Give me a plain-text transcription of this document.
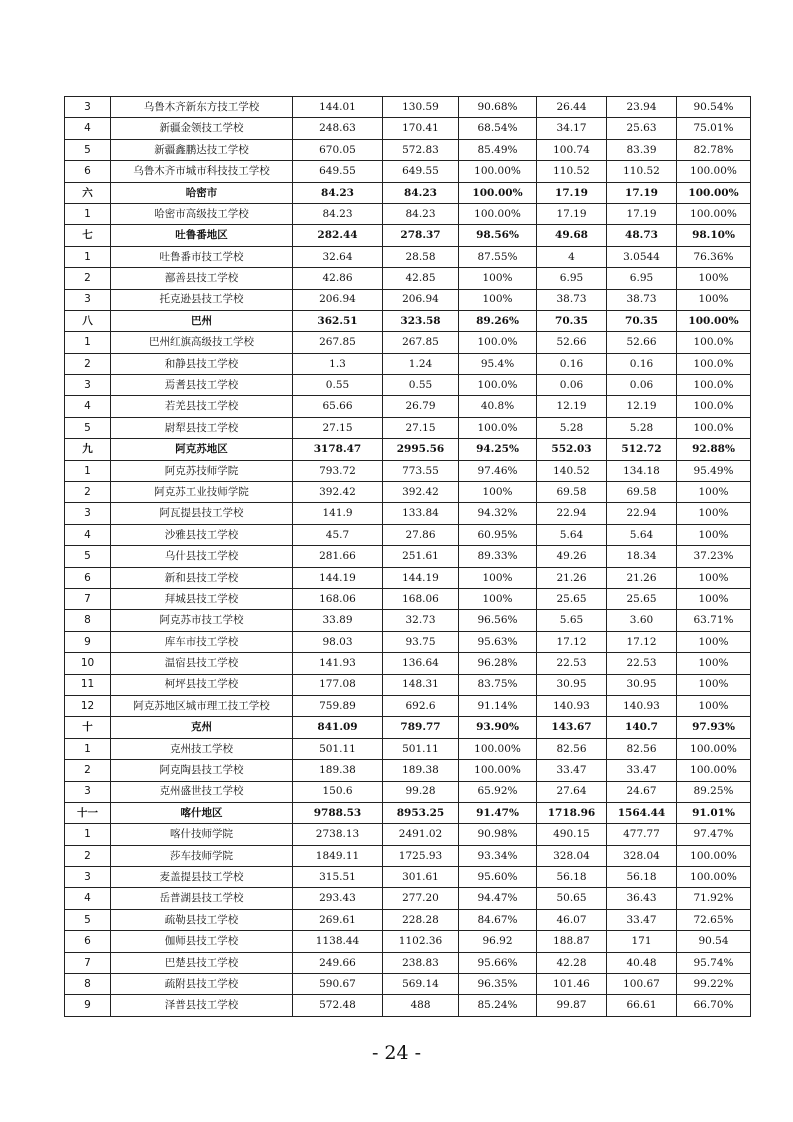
3	乌鲁木齐新东方技工学校	144.01	130.59	90.68%	26.44	23.94	90.54%
4	新疆金领技工学校	248.63	170.41	68.54%	34.17	25.63	75.01%
5	新疆鑫鹏达技工学校	670.05	572.83	85.49%	100.74	83.39	82.78%
6	乌鲁木齐市城市科技技工学校	649.55	649.55	100.00%	110.52	110.52	100.00%
六	哈密市	84.23	84.23	100.00%	17.19	17.19	100.00%
1	哈密市高级技工学校	84.23	84.23	100.00%	17.19	17.19	100.00%
七	吐鲁番地区	282.44	278.37	98.56%	49.68	48.73	98.10%
1	吐鲁番市技工学校	32.64	28.58	87.55%	4	3.0544	76.36%
2	鄯善县技工学校	42.86	42.85	100%	6.95	6.95	100%
3	托克逊县技工学校	206.94	206.94	100%	38.73	38.73	100%
八	巴州	362.51	323.58	89.26%	70.35	70.35	100.00%
1	巴州红旗高级技工学校	267.85	267.85	100.0%	52.66	52.66	100.0%
2	和静县技工学校	1.3	1.24	95.4%	0.16	0.16	100.0%
3	焉耆县技工学校	0.55	0.55	100.0%	0.06	0.06	100.0%
4	若羌县技工学校	65.66	26.79	40.8%	12.19	12.19	100.0%
5	尉犁县技工学校	27.15	27.15	100.0%	5.28	5.28	100.0%
九	阿克苏地区	3178.47	2995.56	94.25%	552.03	512.72	92.88%
1	阿克苏技师学院	793.72	773.55	97.46%	140.52	134.18	95.49%
2	阿克苏工业技师学院	392.42	392.42	100%	69.58	69.58	100%
3	阿瓦提县技工学校	141.9	133.84	94.32%	22.94	22.94	100%
4	沙雅县技工学校	45.7	27.86	60.95%	5.64	5.64	100%
5	乌什县技工学校	281.66	251.61	89.33%	49.26	18.34	37.23%
6	新和县技工学校	144.19	144.19	100%	21.26	21.26	100%
7	拜城县技工学校	168.06	168.06	100%	25.65	25.65	100%
8	阿克苏市技工学校	33.89	32.73	96.56%	5.65	3.60	63.71%
9	库车市技工学校	98.03	93.75	95.63%	17.12	17.12	100%
10	温宿县技工学校	141.93	136.64	96.28%	22.53	22.53	100%
11	柯坪县技工学校	177.08	148.31	83.75%	30.95	30.95	100%
12	阿克苏地区城市理工技工学校	759.89	692.6	91.14%	140.93	140.93	100%
十	克州	841.09	789.77	93.90%	143.67	140.7	97.93%
1	克州技工学校	501.11	501.11	100.00%	82.56	82.56	100.00%
2	阿克陶县技工学校	189.38	189.38	100.00%	33.47	33.47	100.00%
3	克州盛世技工学校	150.6	99.28	65.92%	27.64	24.67	89.25%
十一	喀什地区	9788.53	8953.25	91.47%	1718.96	1564.44	91.01%
1	喀什技师学院	2738.13	2491.02	90.98%	490.15	477.77	97.47%
2	莎车技师学院	1849.11	1725.93	93.34%	328.04	328.04	100.00%
3	麦盖提县技工学校	315.51	301.61	95.60%	56.18	56.18	100.00%
4	岳普湖县技工学校	293.43	277.20	94.47%	50.65	36.43	71.92%
5	疏勒县技工学校	269.61	228.28	84.67%	46.07	33.47	72.65%
6	伽师县技工学校	1138.44	1102.36	96.92	188.87	171	90.54
7	巴楚县技工学校	249.66	238.83	95.66%	42.28	40.48	95.74%
8	疏附县技工学校	590.67	569.14	96.35%	101.46	100.67	99.22%
9	泽普县技工学校	572.48	488	85.24%	99.87	66.61	66.70%
- 24 -
